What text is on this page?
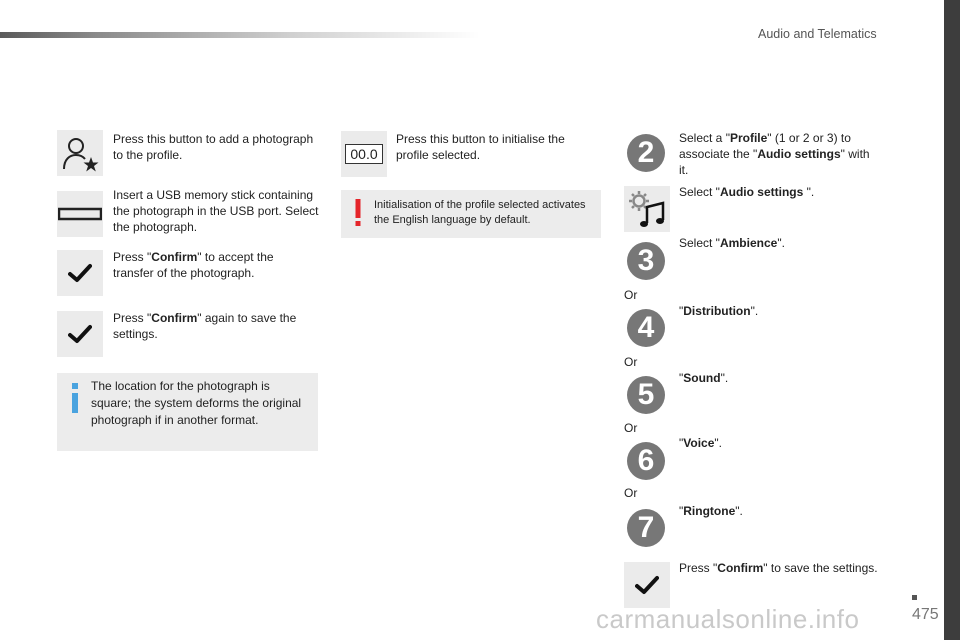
Audio and Telematics
Press this button to add a photograph to the profile.
Insert a USB memory stick containing the photograph in the USB port. Select the photograph.
Press "Confirm" to accept the transfer of the photograph.
Press "Confirm" again to save the settings.
The location for the photograph is square; the system deforms the original photograph if in another format.
00.0
Press this button to initialise the profile selected.
Initialisation of the profile selected activates the English language by default.
2	Select a "Profile" (1 or 2 or 3) to associate the "Audio settings" with it.
Select "Audio settings ".
3
Select "Ambience".
Or
4	"Distribution".
Or
5	"Sound".
Or
6
"Voice".
Or
7	"Ringtone".
Press "Confirm" to save the settings.
carmanualsonline.info	475
